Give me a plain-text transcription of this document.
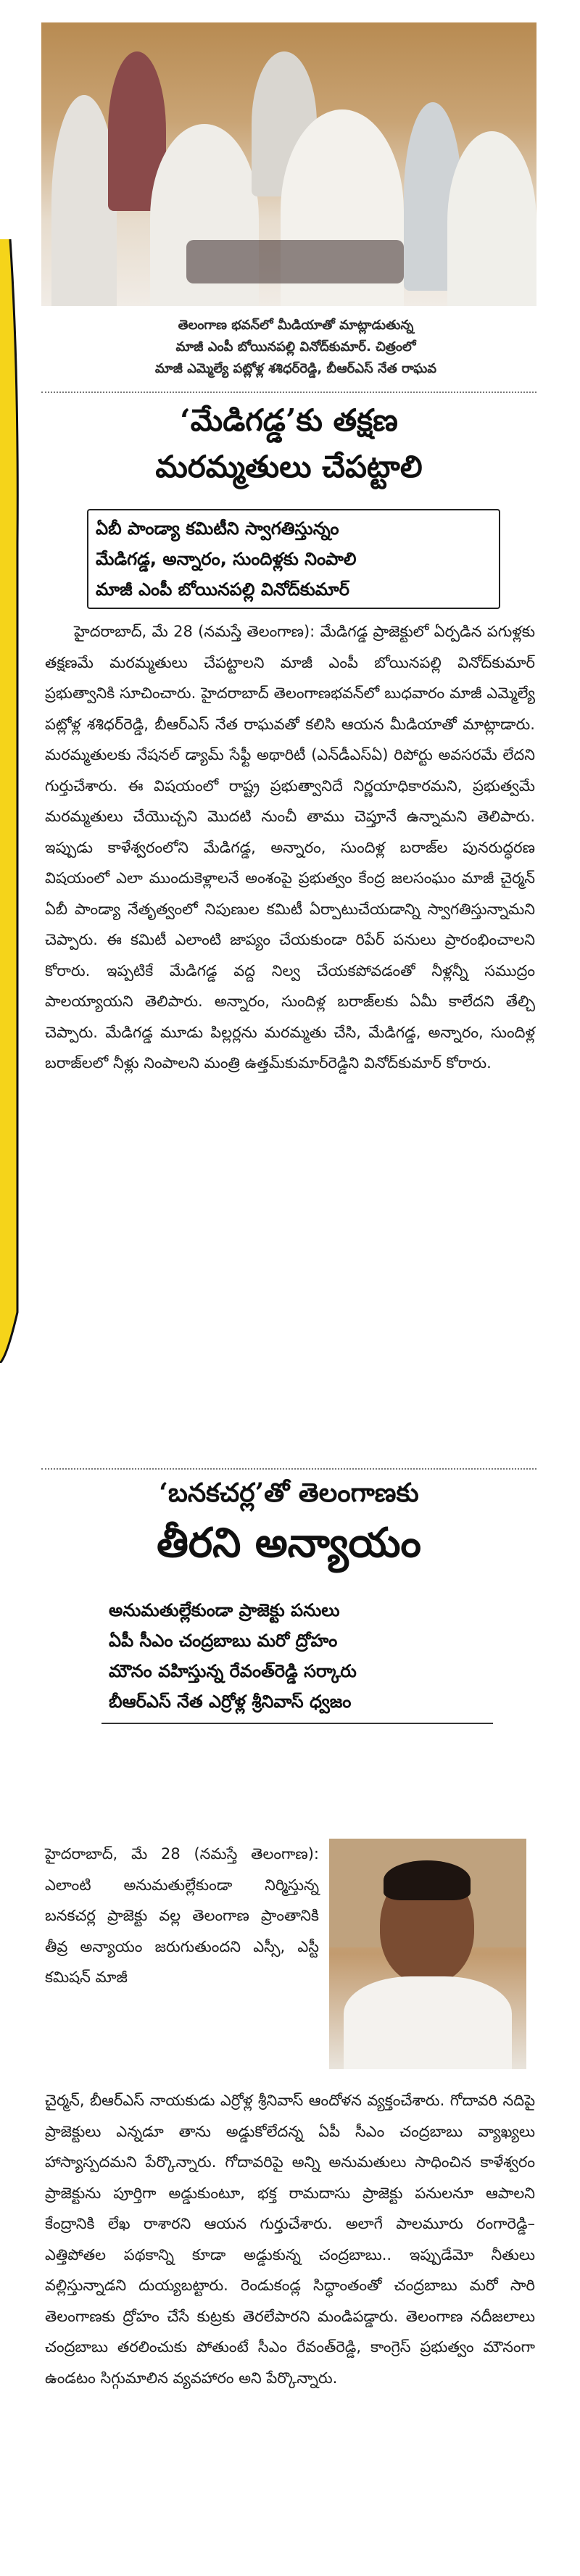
తెలంగాణ భవన్‌లో మీడియాతో మాట్లాడుతున్న
మాజీ ఎంపీ బోయినపల్లి వినోద్‌కుమార్. చిత్రంలో
మాజీ ఎమ్మెల్యే పట్లోళ్ల శశిధర్‌రెడ్డి, బీఆర్‌ఎస్ నేత రాఘవ
‘మేడిగడ్డ’కు తక్షణ
మరమ్మతులు చేపట్టాలి
ఏబీ పాండ్యా కమిటీని స్వాగతిస్తున్నం
మేడిగడ్డ, అన్నారం, సుందిళ్లకు నింపాలి
మాజీ ఎంపీ బోయినపల్లి వినోద్‌కుమార్

హైదరాబాద్, మే 28 (నమస్తే తెలంగాణ): మేడిగడ్డ ప్రాజెక్టులో ఏర్పడిన పగుళ్లకు తక్షణమే మరమ్మతులు చేపట్టాలని మాజీ ఎంపీ బోయినపల్లి వినోద్‌కుమార్ ప్రభుత్వానికి సూచించారు. హైదరాబాద్ తెలంగాణభవన్‌లో బుధవారం మాజీ ఎమ్మెల్యే పట్లోళ్ల శశిధర్‌రెడ్డి, బీఆర్‌ఎస్ నేత రాఘవతో కలిసి ఆయన మీడియాతో మాట్లాడారు. మరమ్మతులకు నేషనల్ డ్యామ్ సేఫ్టీ అథారిటీ (ఎన్‌డీఎస్‌ఏ) రిపోర్టు అవసరమే లేదని గుర్తుచేశారు. ఈ విషయంలో రాష్ట్ర ప్రభుత్వానిదే నిర్ణయాధికారమని, ప్రభుత్వమే మరమ్మతులు చేయొచ్చని మొదటి నుంచీ తాము చెప్తూనే ఉన్నామని తెలిపారు. ఇప్పుడు కాళేశ్వరంలోని మేడిగడ్డ, అన్నారం, సుందిళ్ల బరాజ్‌ల పునరుద్ధరణ విషయంలో ఎలా ముందుకెళ్లాలనే అంశంపై ప్రభుత్వం కేంద్ర జలసంఘం మాజీ చైర్మన్ ఏబీ పాండ్యా నేతృత్వంలో నిపుణుల కమిటీ ఏర్పాటుచేయడాన్ని స్వాగతిస్తున్నామని చెప్పారు. ఈ కమిటీ ఎలాంటి జాప్యం చేయకుండా రిపేర్ పనులు ప్రారంభించాలని కోరారు. ఇప్పటికే మేడిగడ్డ వద్ద నిల్వ చేయకపోవడంతో నీళ్లన్నీ సముద్రం పాలయ్యాయని తెలిపారు. అన్నారం, సుందిళ్ల బరాజ్‌లకు ఏమీ కాలేదని తేల్చి చెప్పారు. మేడిగడ్డ మూడు పిల్లర్లను మరమ్మతు చేసి, మేడిగడ్డ, అన్నారం, సుందిళ్ల బరాజ్‌లలో నీళ్లు నింపాలని మంత్రి ఉత్తమ్‌కుమార్‌రెడ్డిని వినోద్‌కుమార్ కోరారు.

‘బనకచర్ల’తో తెలంగాణకు
తీరని అన్యాయం
అనుమతుల్లేకుండా ప్రాజెక్టు పనులు
ఏపీ సీఎం చంద్రబాబు మరో ద్రోహం
మౌనం వహిస్తున్న రేవంత్‌రెడ్డి సర్కారు
బీఆర్‌ఎస్ నేత ఎర్రోళ్ల శ్రీనివాస్ ధ్వజం
హైదరాబాద్, మే 28 (నమస్తే తెలంగాణ): ఎలాంటి అనుమతుల్లేకుండా నిర్మిస్తున్న బనకచర్ల ప్రాజెక్టు వల్ల తెలంగాణ ప్రాంతానికి తీవ్ర అన్యాయం జరుగుతుందని ఎస్సీ, ఎస్టీ కమిషన్ మాజీ
చైర్మన్, బీఆర్‌ఎస్ నాయకుడు ఎర్రోళ్ల శ్రీనివాస్ ఆందోళన వ్యక్తంచేశారు. గోదావరి నదిపై ప్రాజెక్టులు ఎన్నడూ తాను అడ్డుకోలేదన్న ఏపీ సీఎం చంద్రబాబు వ్యాఖ్యలు హాస్యాస్పదమని పేర్కొన్నారు. గోదావరిపై అన్ని అనుమతులు సాధించిన కాళేశ్వరం ప్రాజెక్టును పూర్తిగా అడ్డుకుంటూ, భక్త రామదాసు ప్రాజెక్టు పనులనూ ఆపాలని కేంద్రానికి లేఖ రాశారని ఆయన గుర్తుచేశారు. అలాగే పాలమూరు రంగారెడ్డి–ఎత్తిపోతల పథకాన్ని కూడా అడ్డుకున్న చంద్రబాబు.. ఇప్పుడేమో నీతులు వల్లిస్తున్నాడని దుయ్యబట్టారు. రెండుకండ్ల సిద్ధాంతంతో చంద్రబాబు మరో సారి తెలంగాణకు ద్రోహం చేసే కుట్రకు తెరలేపారని మండిపడ్డారు. తెలంగాణ నదీజలాలు చంద్రబాబు తరలించుకు పోతుంటే సీఎం రేవంత్‌రెడ్డి, కాంగ్రెస్ ప్రభుత్వం మౌనంగా ఉండటం సిగ్గుమాలిన వ్యవహారం అని పేర్కొన్నారు.
